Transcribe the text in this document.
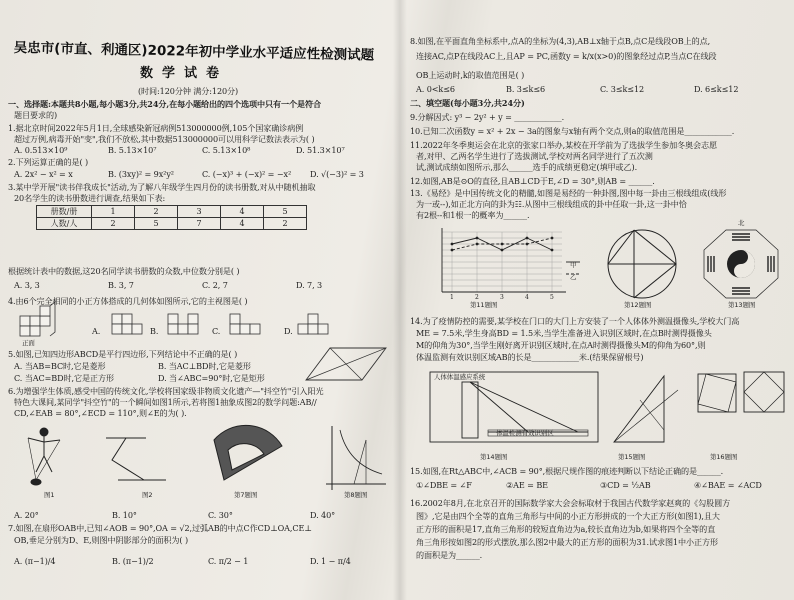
吴忠市(市直、利通区)2022年初中学业水平适应性检测试题
数学试卷
(时间:120分钟 满分:120分)
一、选择题:本题共8小题,每小题3分,共24分,在每小题给出的四个选项中只有一个是符合
题目要求的)
1.据北京时间2022年5月1日,全球感染新冠病例513000000例,105个国家确诊病例
超过万例,病毒开始"变",我们不放松,其中数据513000000可以用科学记数法表示为( )
A. 0.513×10⁹	B. 5.13×10⁷	C. 5.13×10⁸	D. 51.3×10⁷
2.下列运算正确的是( )
A. 2x² − x² = x	B. (3xy)² = 9x²y²	C. (−x)³ + (−x)² = −x² D. √(−3)² = 3
3.某中学开展"读书伴我成长"活动,为了解八年级学生四月份的读书册数,对从中随机抽取
20名学生的读书册数进行调查,结果如下表:
册数/册	1	2	3	4	5
人数/人	2	5	7	4	2
根据统计表中的数据,这20名同学读书册数的众数,中位数分别是( )
A. 3, 3	B. 3, 7	C. 2, 7	D. 7, 3
4.由6个完全相同的小正方体搭成的几何体如图所示,它的主视图是( )
正面
A.	B.	C.	D.
5.如图,已知四边形ABCD是平行四边形,下列结论中不正确的是( )
A. 当AB=BC时,它是菱形	B. 当AC⊥BD时,它是菱形
C. 当AC=BD时,它是正方形	D. 当∠ABC=90°时,它是矩形
6.为增强学生体质,感受中国的传统文化,学校将国家级非物质文化遗产—"抖空竹"引入阳光
特色大课间,某同学"抖空竹"的一个瞬间如图1所示,若将图1抽象成图2的数学问题:AB//
CD,∠EAB = 80°,∠ECD = 110°,则∠E的为( ).
图1	图2	第7题图	第8题图
A. 20°	B. 10°	C. 30°	D. 40°
7.如图,在扇形OAB中,已知∠AOB = 90°,OA = √2,过弧AB的中点C作CD⊥OA,CE⊥
OB,垂足分别为D、E,则图中阴影部分的面积为( )
A. (π−1)/4	B. (π−1)/2	C. π/2 − 1	D. 1 − π/4
8.如图,在平面直角坐标系中,点A的坐标为(4,3),AB⊥x轴于点B,点C是线段OB上的点,
连接AC,点P在线段AC上,且AP = PC,函数y = k/x(x>0)的图象经过点P,当点C在线段
OB上运动时,k的取值范围是( )
A. 0<k≤6	B. 3≤k≤6	C. 3≤k≤12	D. 6≤k≤12
二、填空题(每小题3分,共24分)
9.分解因式: y³ − 2y² + y = ____________.
10.已知二次函数y = x² + 2x − 3a的图象与x轴有两个交点,则a的取值范围是____________.
11.2022年冬季奥运会在北京的张家口举办,某校在开学前为了选拔学生参加冬奥会志愿
者,对甲、乙两名学生进行了选拔测试,学校对两名同学进行了五次测
试,测试成绩如图所示,那么______选手的成绩更稳定(填甲或乙).
12.如图,AB是⊙O的直径,且AB⊥CD于E,∠D = 30°,则AB = ______.
13.《易经》是中国传统文化的精髓,如图是易经的一种卦图,图中每一卦由三根线组成(线形
为一或--),如正北方向的卦为☷.从图中三根线组成的卦中任取一卦,这一卦中恰
有2根--和1根一的概率为______.
1	2	3	4	5
甲
乙
第11题图	第12题图
北
第13题图
14.为了疫情防控的需要,某学校在门口的大门上方安装了一个人体体外测温摄像头,学校大门高
ME = 7.5米,学生身高BD = 1.5米,当学生准备进入识别区域时,在点B时测得摄像头
M的仰角为30°,当学生刚好离开识别区域时,在点A时测得摄像头M的仰角为60°,则
体温监测有效识别区域AB的长是____________米.(结果保留根号)
人体体温感应系统
体温检测有效识别区
第14题图	第15题图	第16题图
15.如图,在Rt△ABC中,∠ACB = 90°,根据尺规作图的痕迹判断以下结论正确的是______.
①∠DBE = ∠F	②AE = BE	③CD = ½AB	④∠BAE = ∠ACD
16.2002年8月,在北京召开的国际数学家大会会标取材于我国古代数学家赵爽的《勾股圆方
图》,它是由四个全等的直角三角形与中间的小正方形拼成的一个大正方形(如图1),且大
正方形的面积是17,直角三角形的较短直角边为a,较长直角边为b,如果将四个全等的直
角三角形按如图2的形式摆放,那么图2中最大的正方形的面积为31.试求图1中小正方形
的面积是为______.
